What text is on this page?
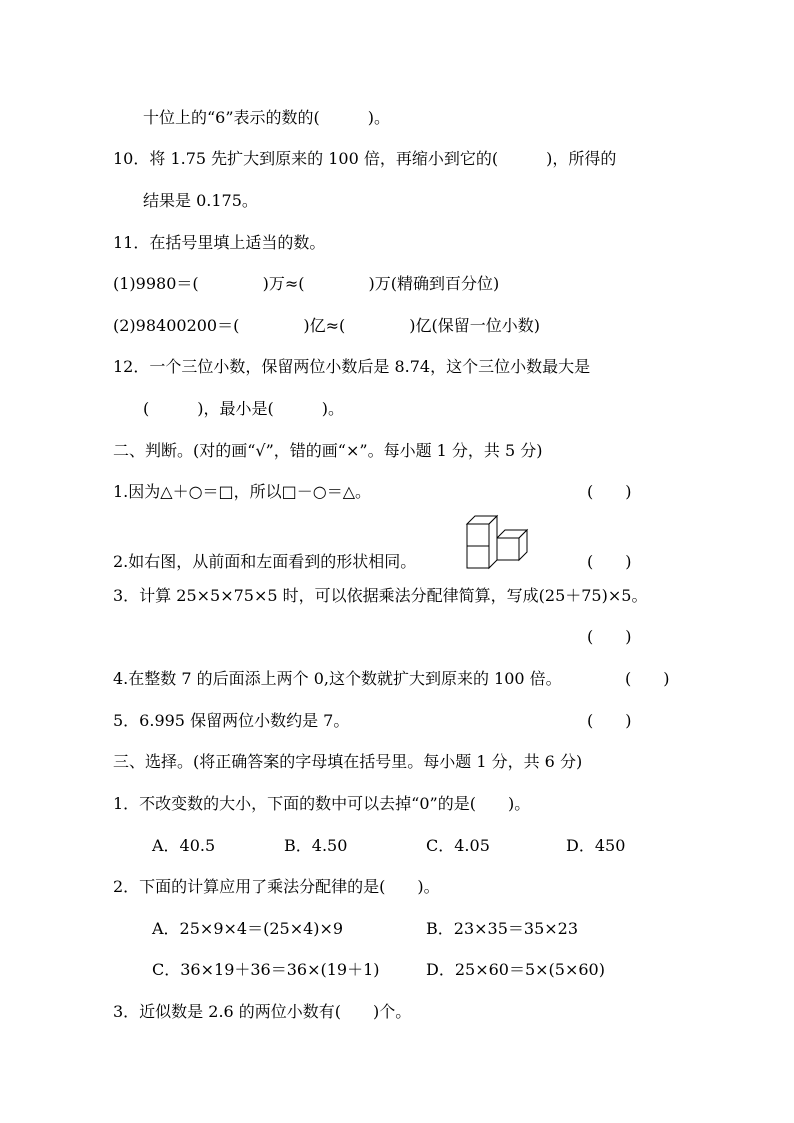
十位上的“6”表示的数的(　　　)。
10．将 1.75 先扩大到原来的 100 倍，再缩小到它的(　　　)，所得的
结果是 0.175。
11．在括号里填上适当的数。
(1)9980＝(　　　　)万≈(　　　　)万(精确到百分位)
(2)98400200＝(　　　　)亿≈(　　　　)亿(保留一位小数)
12．一个三位小数，保留两位小数后是 8.74，这个三位小数最大是
(　　　)，最小是(　　　)。
二、判断。(对的画“√”，错的画“×”。每小题 1 分，共 5 分)
1.因为△＋○＝□，所以□－○＝△。	(　　)
2.如右图，从前面和左面看到的形状相同。	(　　)
3．计算 25×5×75×5 时，可以依据乘法分配律简算，写成(25＋75)×5。
(　　)
4.在整数 7 的后面添上两个 0,这个数就扩大到原来的 100 倍。	(　　)
5．6.995 保留两位小数约是 7。	(　　)
三、选择。(将正确答案的字母填在括号里。每小题 1 分，共 6 分)
1．不改变数的大小，下面的数中可以去掉“0”的是(　　)。
A．40.5	B．4.50	C．4.05	D．450
2．下面的计算应用了乘法分配律的是(　　)。
A．25×9×4＝(25×4)×9	B．23×35＝35×23
C．36×19＋36＝36×(19＋1)	D．25×60＝5×(5×60)
3．近似数是 2.6 的两位小数有(　　)个。
